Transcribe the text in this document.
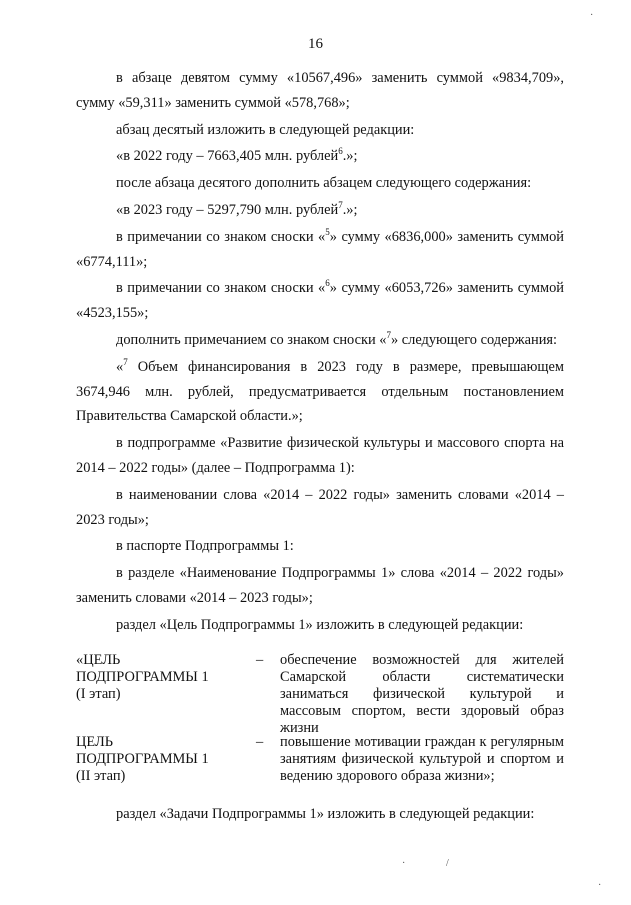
16

в абзаце девятом сумму «10567,496» заменить суммой «9834,709», сумму «59,311» заменить суммой «578,768»;

абзац десятый изложить в следующей редакции:

«в 2022 году – 7663,405 млн. рублей$^6$.»;

после абзаца десятого дополнить абзацем следующего содержания:

«в 2023 году – 5297,790 млн. рублей$^7$.»;

в примечании со знаком сноски «$^5$» сумму «6836,000» заменить суммой «6774,111»;

в примечании со знаком сноски «$^6$» сумму «6053,726» заменить суммой «4523,155»;

дополнить примечанием со знаком сноски «$^7$» следующего содержания:

«$^7$ Объем финансирования в 2023 году в размере, превышающем 3674,946 млн. рублей, предусматривается отдельным постановлением Правительства Самарской области.»;

в подпрограмме «Развитие физической культуры и массового спорта на 2014 – 2022 годы» (далее – Подпрограмма 1):

в наименовании слова «2014 – 2022 годы» заменить словами «2014 – 2023 годы»;

в паспорте Подпрограммы 1:

в разделе «Наименование Подпрограммы 1» слова «2014 – 2022 годы» заменить словами «2014 – 2023 годы»;

раздел «Цель Подпрограммы 1» изложить в следующей редакции:

«ЦЕЛЬ
ПОДПРОГРАММЫ 1
(I этап)
–	обеспечение возможностей для жителей Самарской области систематически заниматься физической культурой и массовым спортом, вести здоровый образ жизни
ЦЕЛЬ
ПОДПРОГРАММЫ 1
(II этап)
–	повышение мотивации граждан к регулярным занятиям физической культурой и спортом и ведению здорового образа жизни»;
раздел «Задачи Подпрограммы 1» изложить в следующей редакции:
·
·	/
·
